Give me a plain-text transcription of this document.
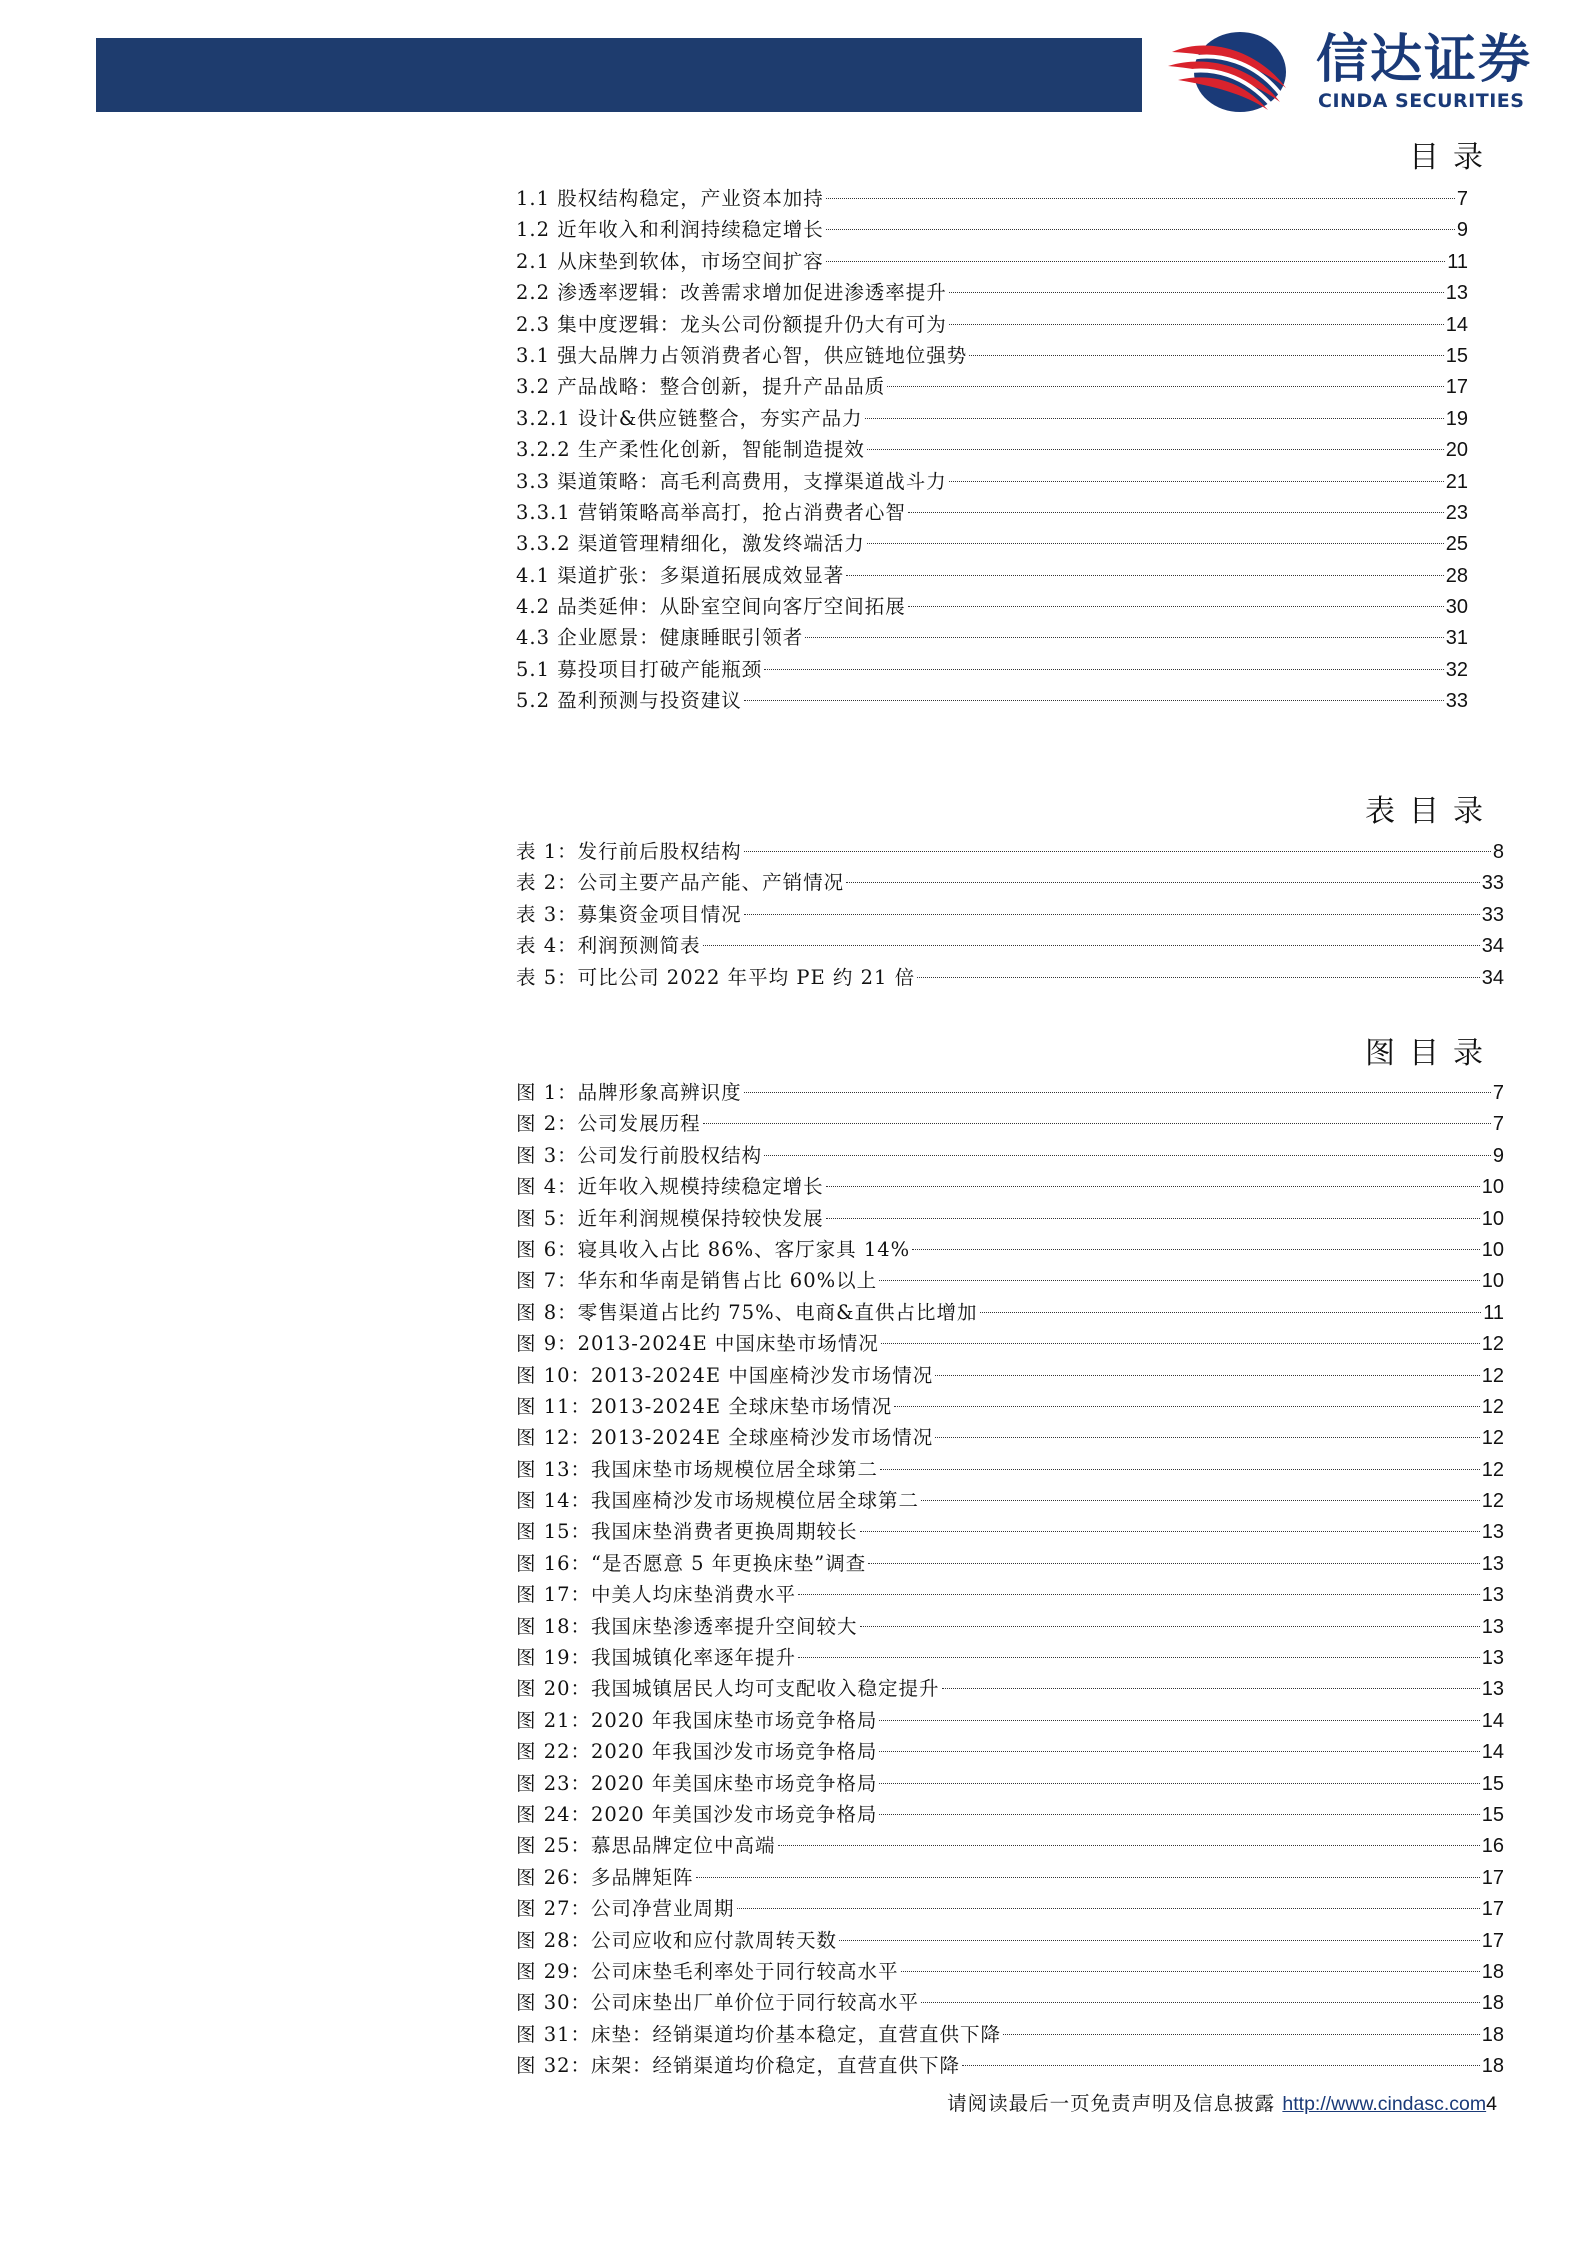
信达证券
CINDA SECURITIES
目录
1.1 股权结构稳定，产业资本加持	7
1.2 近年收入和利润持续稳定增长	9
2.1 从床垫到软体，市场空间扩容	11
2.2 渗透率逻辑：改善需求增加促进渗透率提升	13
2.3 集中度逻辑：龙头公司份额提升仍大有可为	14
3.1 强大品牌力占领消费者心智，供应链地位强势	15
3.2 产品战略：整合创新，提升产品品质	17
3.2.1 设计&供应链整合，夯实产品力	19
3.2.2 生产柔性化创新，智能制造提效	20
3.3 渠道策略：高毛利高费用，支撑渠道战斗力	21
3.3.1 营销策略高举高打，抢占消费者心智	23
3.3.2 渠道管理精细化，激发终端活力	25
4.1 渠道扩张：多渠道拓展成效显著	28
4.2 品类延伸：从卧室空间向客厅空间拓展	30
4.3 企业愿景：健康睡眠引领者	31
5.1 募投项目打破产能瓶颈	32
5.2 盈利预测与投资建议	33
表目录
表 1：发行前后股权结构	8
表 2：公司主要产品产能、产销情况	33
表 3：募集资金项目情况	33
表 4：利润预测简表	34
表 5：可比公司 2022 年平均 PE 约 21 倍	34
图目录
图 1：品牌形象高辨识度	7
图 2：公司发展历程	7
图 3：公司发行前股权结构	9
图 4：近年收入规模持续稳定增长	10
图 5：近年利润规模保持较快发展	10
图 6：寝具收入占比 86%、客厅家具 14%	10
图 7：华东和华南是销售占比 60%以上	10
图 8：零售渠道占比约 75%、电商&直供占比增加	11
图 9：2013-2024E 中国床垫市场情况	12
图 10：2013-2024E 中国座椅沙发市场情况	12
图 11：2013-2024E 全球床垫市场情况	12
图 12：2013-2024E 全球座椅沙发市场情况	12
图 13：我国床垫市场规模位居全球第二	12
图 14：我国座椅沙发市场规模位居全球第二	12
图 15：我国床垫消费者更换周期较长	13
图 16：“是否愿意 5 年更换床垫”调查	13
图 17：中美人均床垫消费水平	13
图 18：我国床垫渗透率提升空间较大	13
图 19：我国城镇化率逐年提升	13
图 20：我国城镇居民人均可支配收入稳定提升	13
图 21：2020 年我国床垫市场竞争格局	14
图 22：2020 年我国沙发市场竞争格局	14
图 23：2020 年美国床垫市场竞争格局	15
图 24：2020 年美国沙发市场竞争格局	15
图 25：慕思品牌定位中高端	16
图 26：多品牌矩阵	17
图 27：公司净营业周期	17
图 28：公司应收和应付款周转天数	17
图 29：公司床垫毛利率处于同行较高水平	18
图 30：公司床垫出厂单价位于同行较高水平	18
图 31：床垫：经销渠道均价基本稳定，直营直供下降	18
图 32：床架：经销渠道均价稳定，直营直供下降	18
请阅读最后一页免责声明及信息披露 http://www.cindasc.com4
